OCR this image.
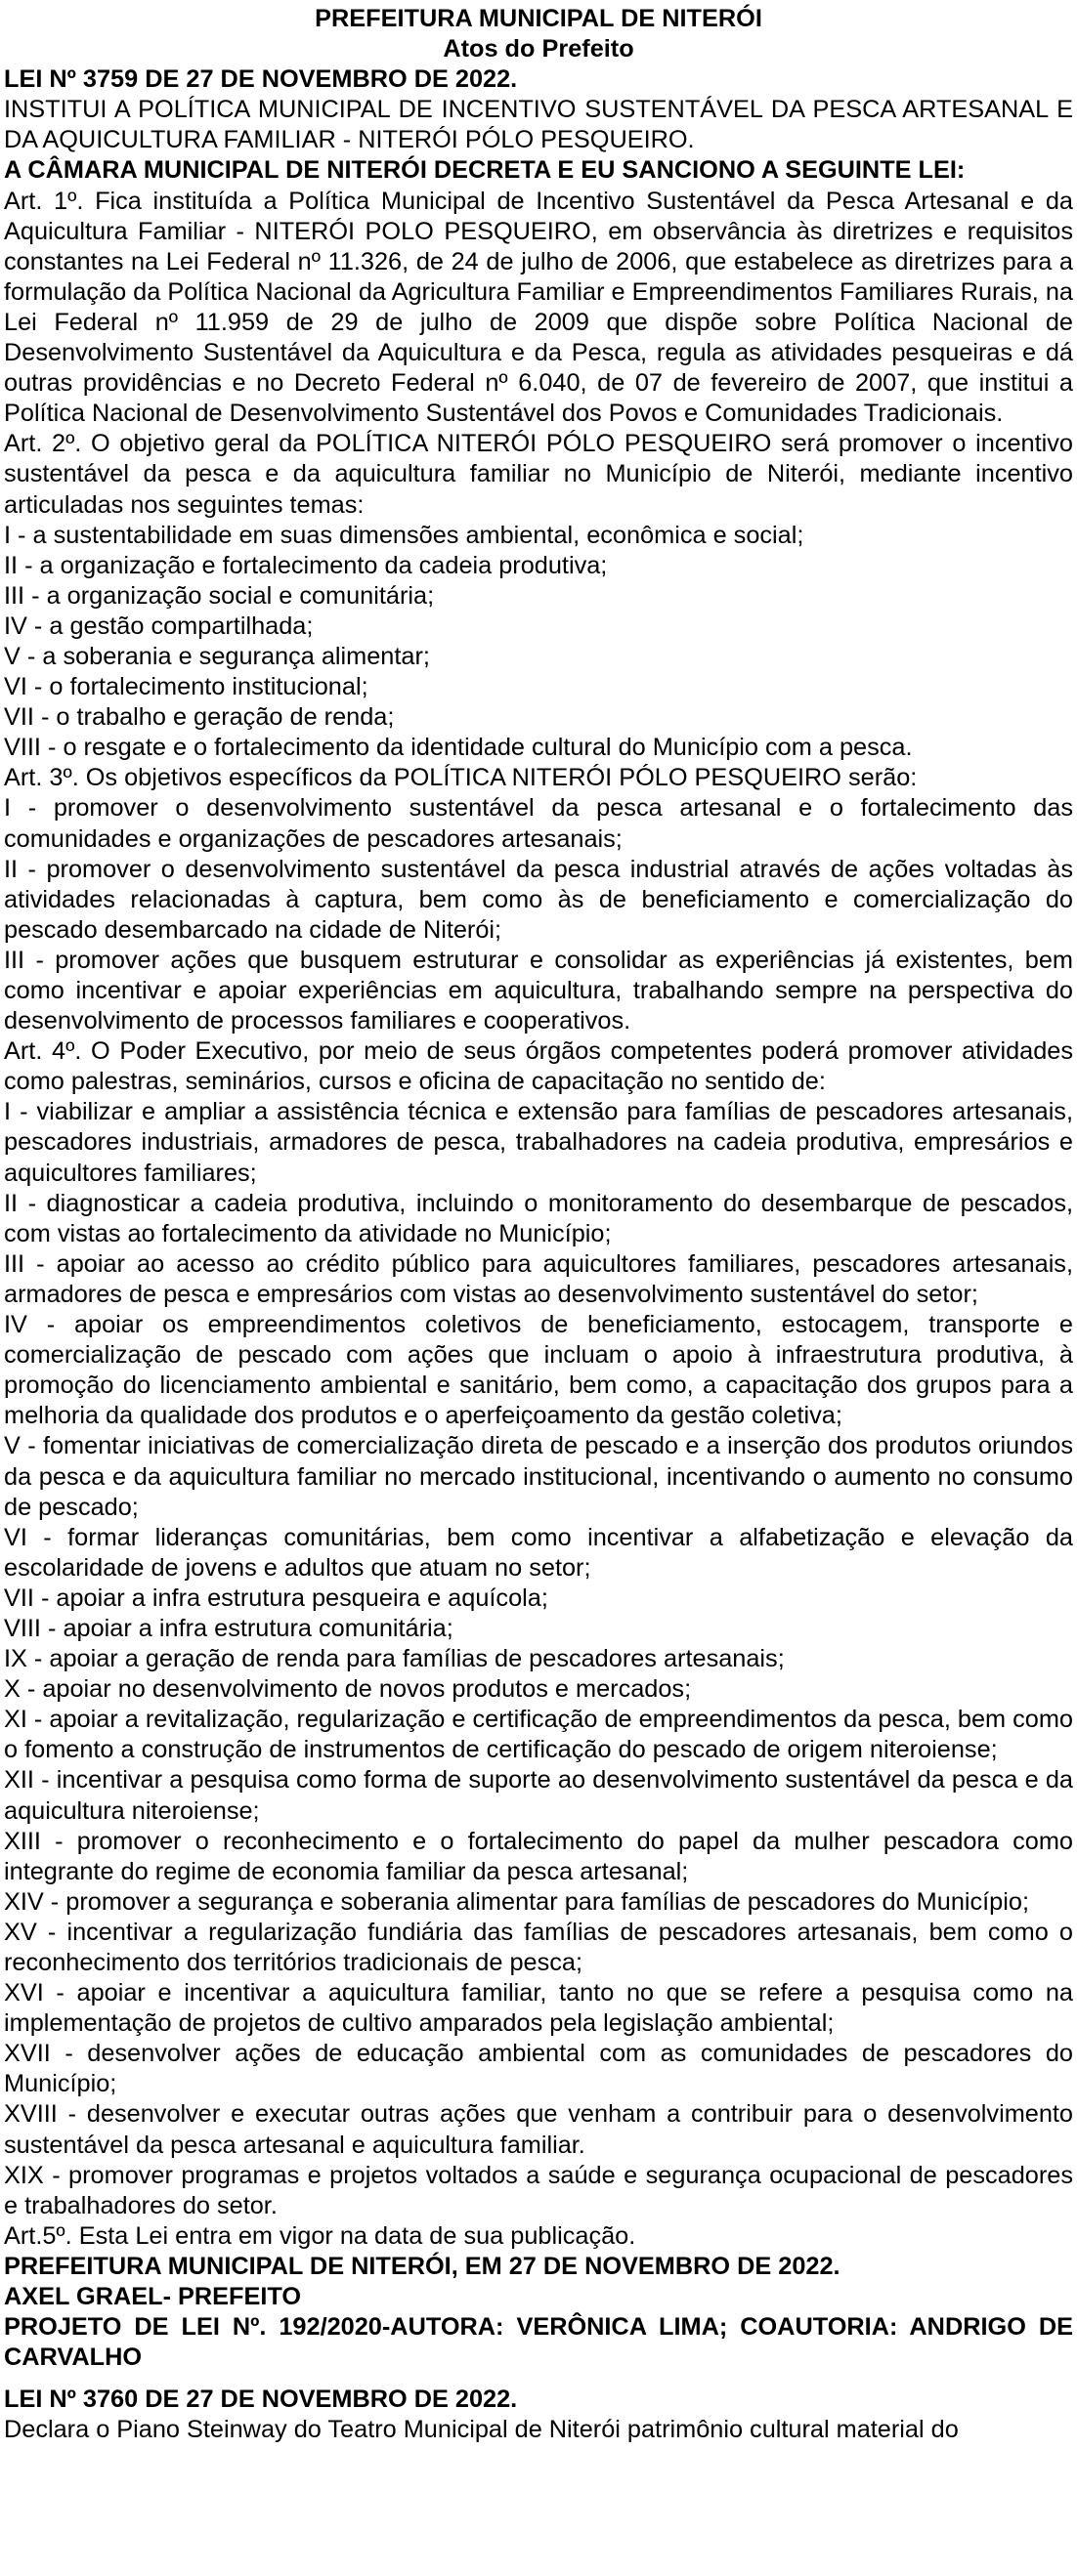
PREFEITURA MUNICIPAL DE NITERÓI

Atos do Prefeito

LEI Nº 3759 DE 27 DE NOVEMBRO DE 2022.

INSTITUI A POLÍTICA MUNICIPAL DE INCENTIVO SUSTENTÁVEL DA PESCA ARTESANAL E DA AQUICULTURA FAMILIAR - NITERÓI PÓLO PESQUEIRO.

A CÂMARA MUNICIPAL DE NITERÓI DECRETA E EU SANCIONO A SEGUINTE LEI:

Art. 1º. Fica instituída a Política Municipal de Incentivo Sustentável da Pesca Artesanal e da Aquicultura Familiar - NITERÓI POLO PESQUEIRO, em observância às diretrizes e requisitos constantes na Lei Federal nº 11.326, de 24 de julho de 2006, que estabelece as diretrizes para a formulação da Política Nacional da Agricultura Familiar e Empreendimentos Familiares Rurais, na Lei Federal nº 11.959 de 29 de julho de 2009 que dispõe sobre Política Nacional de Desenvolvimento Sustentável da Aquicultura e da Pesca, regula as atividades pesqueiras e dá outras providências e no Decreto Federal nº 6.040, de 07 de fevereiro de 2007, que institui a Política Nacional de Desenvolvimento Sustentável dos Povos e Comunidades Tradicionais.

Art. 2º. O objetivo geral da POLÍTICA NITERÓI PÓLO PESQUEIRO será promover o incentivo sustentável da pesca e da aquicultura familiar no Município de Niterói, mediante incentivo articuladas nos seguintes temas:

I - a sustentabilidade em suas dimensões ambiental, econômica e social;

II - a organização e fortalecimento da cadeia produtiva;

III - a organização social e comunitária;

IV - a gestão compartilhada;

V - a soberania e segurança alimentar;

VI - o fortalecimento institucional;

VII - o trabalho e geração de renda;

VIII - o resgate e o fortalecimento da identidade cultural do Município com a pesca.

Art. 3º. Os objetivos específicos da POLÍTICA NITERÓI PÓLO PESQUEIRO serão:

I - promover o desenvolvimento sustentável da pesca artesanal e o fortalecimento das comunidades e organizações de pescadores artesanais;

II - promover o desenvolvimento sustentável da pesca industrial através de ações voltadas às atividades relacionadas à captura, bem como às de beneficiamento e comercialização do pescado desembarcado na cidade de Niterói;

III - promover ações que busquem estruturar e consolidar as experiências já existentes, bem como incentivar e apoiar experiências em aquicultura, trabalhando sempre na perspectiva do desenvolvimento de processos familiares e cooperativos.

Art. 4º. O Poder Executivo, por meio de seus órgãos competentes poderá promover atividades como palestras, seminários, cursos e oficina de capacitação no sentido de:

I - viabilizar e ampliar a assistência técnica e extensão para famílias de pescadores artesanais, pescadores industriais, armadores de pesca, trabalhadores na cadeia produtiva, empresários e aquicultores familiares;

II - diagnosticar a cadeia produtiva, incluindo o monitoramento do desembarque de pescados, com vistas ao fortalecimento da atividade no Município;

III - apoiar ao acesso ao crédito público para aquicultores familiares, pescadores artesanais, armadores de pesca e empresários com vistas ao desenvolvimento sustentável do setor;

IV - apoiar os empreendimentos coletivos de beneficiamento, estocagem, transporte e comercialização de pescado com ações que incluam o apoio à infraestrutura produtiva, à promoção do licenciamento ambiental e sanitário, bem como, a capacitação dos grupos para a melhoria da qualidade dos produtos e o aperfeiçoamento da gestão coletiva;

V - fomentar iniciativas de comercialização direta de pescado e a inserção dos produtos oriundos da pesca e da aquicultura familiar no mercado institucional, incentivando o aumento no consumo de pescado;

VI - formar lideranças comunitárias, bem como incentivar a alfabetização e elevação da escolaridade de jovens e adultos que atuam no setor;

VII - apoiar a infra estrutura pesqueira e aquícola;

VIII - apoiar a infra estrutura comunitária;

IX - apoiar a geração de renda para famílias de pescadores artesanais;

X - apoiar no desenvolvimento de novos produtos e mercados;

XI - apoiar a revitalização, regularização e certificação de empreendimentos da pesca, bem como o fomento a construção de instrumentos de certificação do pescado de origem niteroiense;

XII - incentivar a pesquisa como forma de suporte ao desenvolvimento sustentável da pesca e da aquicultura niteroiense;

XIII - promover o reconhecimento e o fortalecimento do papel da mulher pescadora como integrante do regime de economia familiar da pesca artesanal;

XIV - promover a segurança e soberania alimentar para famílias de pescadores do Município;

XV - incentivar a regularização fundiária das famílias de pescadores artesanais, bem como o reconhecimento dos territórios tradicionais de pesca;

XVI - apoiar e incentivar a aquicultura familiar, tanto no que se refere a pesquisa como na implementação de projetos de cultivo amparados pela legislação ambiental;

XVII - desenvolver ações de educação ambiental com as comunidades de pescadores do Município;

XVIII - desenvolver e executar outras ações que venham a contribuir para o desenvolvimento sustentável da pesca artesanal e aquicultura familiar.

XIX - promover programas e projetos voltados a saúde e segurança ocupacional de pescadores e trabalhadores do setor.

Art.5º. Esta Lei entra em vigor na data de sua publicação.

PREFEITURA MUNICIPAL DE NITERÓI, EM 27 DE NOVEMBRO DE 2022.

AXEL GRAEL- PREFEITO

PROJETO DE LEI Nº. 192/2020-AUTORA: VERÔNICA LIMA; COAUTORIA: ANDRIGO DE CARVALHO

LEI Nº 3760 DE 27 DE NOVEMBRO DE 2022.

Declara o Piano Steinway do Teatro Municipal de Niterói patrimônio cultural material do
